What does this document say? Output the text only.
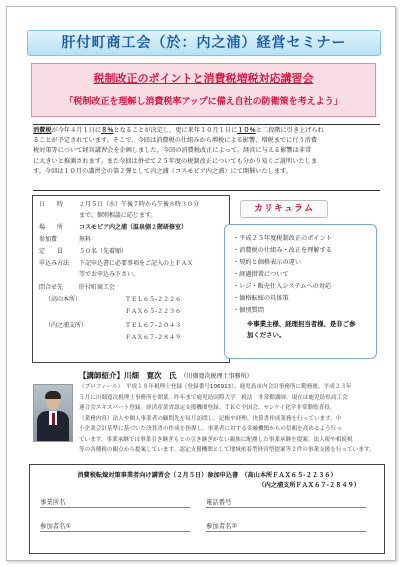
肝付町商工会（於：内之浦）経営セミナー
税制改正のポイントと消費税増税対応講習会
「税制改正を理解し消費税率アップに備え自社の防衛策を考えよう」
消費税が今年４月１日に８％となることが決定し、更に来年１０月１日に１０％と二段階に引き上げられ
ることが予定されています。そこで、今回は消費税の仕組みから増税による影響、増税までに行う消費
税対策等について経営講習会を企画しました。今回の消費税改正によって、経営に与える影響は非常
に大きいと推測されます。また今回は併せて２５年度の税制改正についても分かり易くご説明いたしま
す。今回は１０月の講習会の第２弾として内之浦（コスモピア内之浦）にて開催いたします。
日　　時	２月５日（水）午後７時から午後８時３０分
まで。個別相談に応じます。
場　　所	コスモピア内之浦（温泉側２階研修室）
参加費	無料
定　　員	５０名（先着順）
申込み方法	下記申込書に必要事項をご記入の上ＦＡＸ
等でお申込み下さい。
問合せ先	肝付町商工会
（高山本所）	ＴＥＬ６５‐２２２６
ＦＡＸ６５‐２２３６
（内之浦支所）	ＴＥＬ６７‐２０４３
ＦＡＸ６７‐２８４９
カリキュラム
・平成２５年度税制改正のポイント
・消費税の仕組み・改正を理解する
・契約と価格表示の違い
・経過措置について
・レジ・販売仕入システムへの対応
・価格転嫁の具体策
・個別質問
※事業主様、経理担当者様、是非ご参
加ください。
【講師紹介】川畑　寛次　氏 （川畑寛次税理士事務所）
（プロフィール）　平成１８年税理士登録（登録番号106913）、鹿児島市内会計事務所に勤務後、平成２３年
５月に川畑寛次税理士事務所を開業。昨年まで鹿児島国際大学　税法　非常勤講師。現在は鹿児島県商工会
連合会エキスパート登録。経済産業省認定支援機関登録。ＴＫＣ全国会、サンケイ化学非常勤監査役。
（業務内容）法人や個人事業者の顧問先を毎月訪問し、記帳や経理、決算書作成業務を行っています。中
小企業会計基準に基づいた決算書の作成を指導し、事業者に対する金融機関からの信頼を高めるよう行っ
ています。事業承継では事業引き継ぎもとの引き継ぎがない親族に配慮した事業承継を提案。法人税や相続税
等の各種税の観点から提案しています。認定支援機関として地域密着型経営型提案等２件の事業支援を行っています。
消費税転嫁対策事業者向け講習会（２月５日）参加申込書　（高山本所ＦＡＸ６５‐２２３６）
（内之浦支所ＦＡＸ６７‐２８４９）
事業所名	電話番号
参加者名①	参加者名②
